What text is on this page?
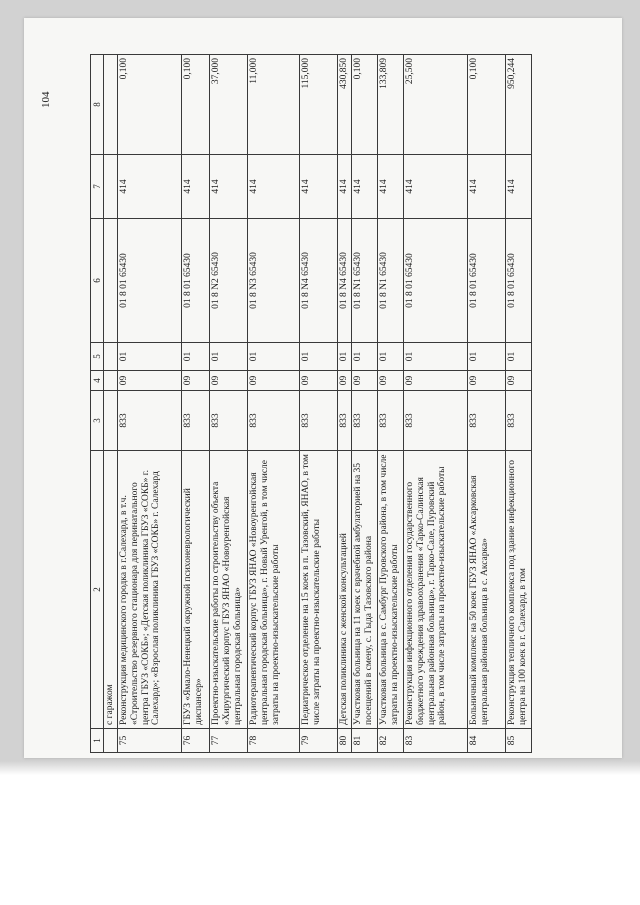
104
1	2	3	4	5	6	7	8
	с гаражом						
75	Реконструкция медицинского городка в г.Салехард, в т.ч. «Строительство резервного стационара для перинатального центра ГБУЗ «СОКБ»; «Детская поликлиника ГБУЗ «СОКБ» г. Салехард»; «Взрослая поликлиника ГБУЗ «СОКБ» г. Салехард	833	09	01	01 8 01 65430	414	0,100
76	ГБУЗ «Ямало-Ненецкий окружной психоневрологический диспансер»	833	09	01	01 8 01 65430	414	0,100
77	Проектно-изыскательские работы по строительству объекта «Хирургический корпус ГБУЗ ЯНАО «Новоуренгойская центральная городская больница»	833	09	01	01 8 N2 65430	414	37,000
78	Радиотерапевтический корпус ГБУЗ ЯНАО «Новоуренгойская центральная городская больница», г. Новый Уренгой, в том числе затраты на проектно-изыскательские работы	833	09	01	01 8 N3 65430	414	11,000
79	Педиатрическое отделение на 15 коек в п. Тазовский, ЯНАО, в том числе затраты на проектно-изыскательские работы	833	09	01	01 8 N4 65430	414	115,000
80	Детская поликлиника с женской консультацией	833	09	01	01 8 N4 65430	414	430,850
81	Участковая больница на 11 коек с врачебной амбулаторией на 35 посещений в смену, с. Гыда Тазовского района	833	09	01	01 8 N1 65430	414	0,100
82	Участковая больница в с. Самбург Пуровского района, в том числе затраты на проектно-изыскательские работы	833	09	01	01 8 N1 65430	414	133,809
83	Реконструкция инфекционного отделения государственного бюджетного учреждения здравоохранения «Тарко-Салинская центральная районная больница», г. Тарко-Сале, Пуровский район, в том числе затраты на проектно-изыскательские работы	833	09	01	01 8 01 65430	414	25,500
84	Больничный комплекс на 50 коек ГБУЗ ЯНАО «Аксарковская центральная районная больница в с. Аксарка»	833	09	01	01 8 01 65430	414	0,100
85	Реконструкция тепличного комплекса под здание инфекционного центра на 100 коек в г. Салехард, в том	833	09	01	01 8 01 65430	414	950,244
